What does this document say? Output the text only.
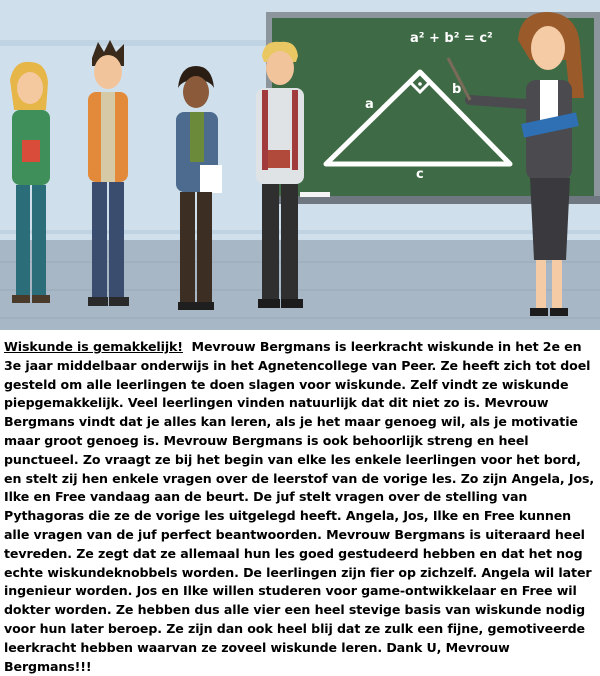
a² + b² = c²
a
b
c
Wiskunde is gemakkelijk! Mevrouw Bergmans is leerkracht wiskunde in het 2e en 3e jaar middelbaar onderwijs in het Agnetencollege van Peer. Ze heeft zich tot doel gesteld om alle leerlingen te doen slagen voor wiskunde. Zelf vindt ze wiskunde piepgemakkelijk. Veel leerlingen vinden natuurlijk dat dit niet zo is. Mevrouw Bergmans vindt dat je alles kan leren, als je het maar genoeg wil, als je motivatie maar groot genoeg is. Mevrouw Bergmans is ook behoorlijk streng en heel punctueel. Zo vraagt ze bij het begin van elke les enkele leerlingen voor het bord, en stelt zij hen enkele vragen over de leerstof van de vorige les. Zo zijn Angela, Jos, Ilke en Free vandaag aan de beurt. De juf stelt vragen over de stelling van Pythagoras die ze de vorige les uitgelegd heeft. Angela, Jos, Ilke en Free kunnen alle vragen van de juf perfect beantwoorden. Mevrouw Bergmans is uiteraard heel tevreden. Ze zegt dat ze allemaal hun les goed gestudeerd hebben en dat het nog echte wiskundeknobbels worden. De leerlingen zijn fier op zichzelf. Angela wil later ingenieur worden. Jos en Ilke willen studeren voor game-ontwikkelaar en Free wil dokter worden. Ze hebben dus alle vier een heel stevige basis van wiskunde nodig voor hun later beroep. Ze zijn dan ook heel blij dat ze zulk een fijne, gemotiveerde leerkracht hebben waarvan ze zoveel wiskunde leren. Dank U, Mevrouw Bergmans!!!
